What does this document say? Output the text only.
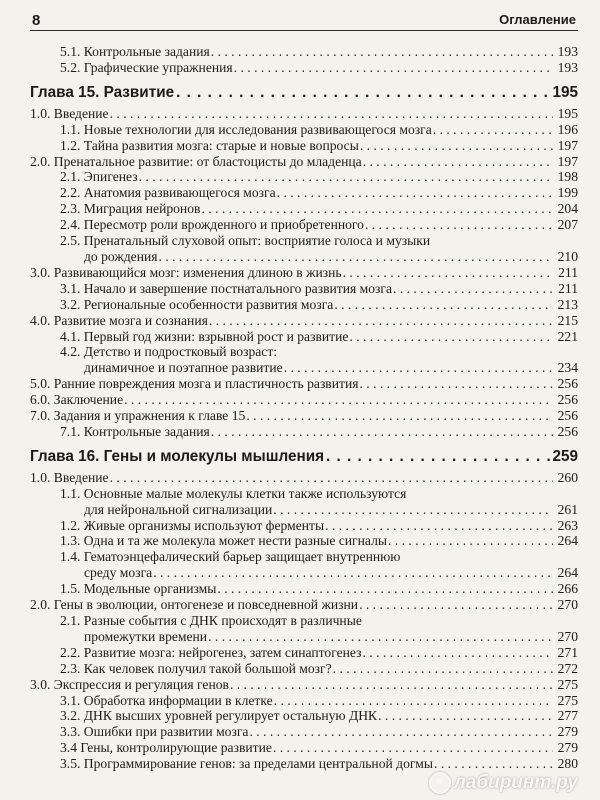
8	Оглавление
5.1. Контрольные задания . . .	193
5.2. Графические упражнения . . .	193
Глава 15. Развитие . . .	195
1.0. Введение . . .	195
1.1. Новые технологии для исследования развивающегося мозга . . .	196
1.2. Тайна развития мозга: старые и новые вопросы . . .	197
2.0. Пренатальное развитие: от бластоцисты до младенца . . .	197
2.1. Эпигенез . . .	198
2.2. Анатомия развивающегося мозга . . .	199
2.3. Миграция нейронов . . .	204
2.4. Пересмотр роли врожденного и приобретенного . . .	207
2.5. Пренатальный слуховой опыт: восприятие голоса и музыки
до рождения . . .	210
3.0. Развивающийся мозг: изменения длиною в жизнь . . .	211
3.1. Начало и завершение постнатального развития мозга . . .	211
3.2. Региональные особенности развития мозга . . .	213
4.0. Развитие мозга и сознания . . .	215
4.1. Первый год жизни: взрывной рост и развитие . . .	221
4.2. Детство и подростковый возраст:
динамичное и поэтапное развитие . . .	234
5.0. Ранние повреждения мозга и пластичность развития . . .	256
6.0. Заключение . . .	256
7.0. Задания и упражнения к главе 15 . . .	256
7.1. Контрольные задания . . .	256
Глава 16. Гены и молекулы мышления . . .	259
1.0. Введение . . .	260
1.1. Основные малые молекулы клетки также используются
для нейрональной сигнализации . . .	261
1.2. Живые организмы используют ферменты . . .	263
1.3. Одна и та же молекула может нести разные сигналы . . .	264
1.4. Гематоэнцефалический барьер защищает внутреннюю
среду мозга . . .	264
1.5. Модельные организмы . . .	266
2.0. Гены в эволюции, онтогенезе и повседневной жизни . . .	270
2.1. Разные события с ДНК происходят в различные
промежутки времени . . .	270
2.2. Развитие мозга: нейрогенез, затем синаптогенез . . .	271
2.3. Как человек получил такой большой мозг? . . .	272
3.0. Экспрессия и регуляция генов . . .	275
3.1. Обработка информации в клетке . . .	275
3.2. ДНК высших уровней регулирует остальную ДНК . . .	277
3.3. Ошибки при развитии мозга . . .	279
3.4 Гены, контролирующие развитие . . .	279
3.5. Программирование генов: за пределами центральной догмы . . .	280
лабиринт.ру
